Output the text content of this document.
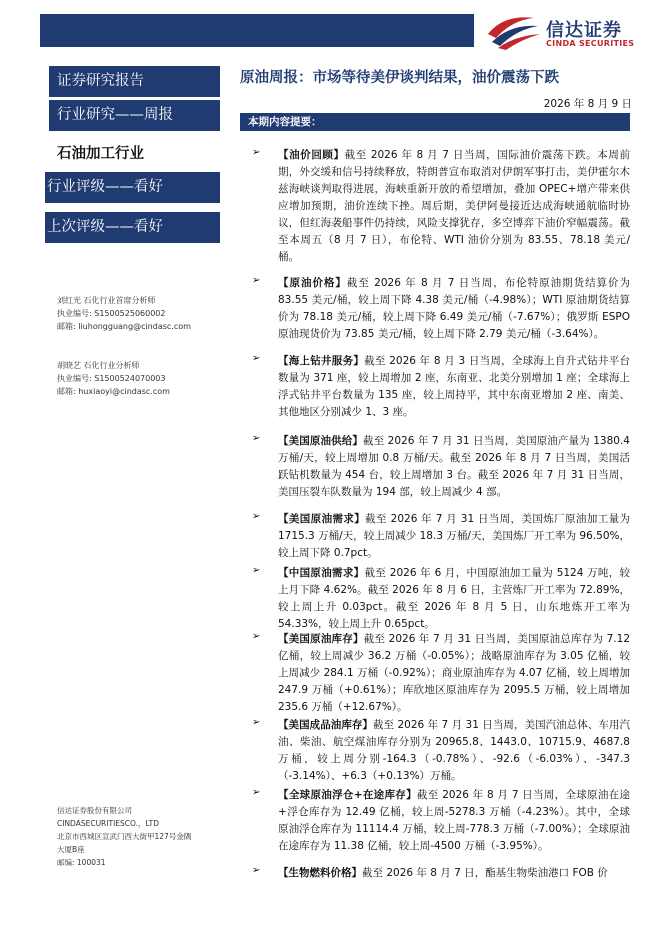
信达证券
CINDA SECURITIES
证券研究报告
行业研究——周报
石油加工行业
行业评级——看好
上次评级——看好
刘红光 石化行业首席分析师
执业编号: S1500525060002
邮箱: liuhongguang@cindasc.com
胡晓艺 石化行业分析师
执业编号: S1500524070003
邮箱: huxiaoyi@cindasc.com
信达证券股份有限公司
CINDASECURITIESCO.，LTD
北京市西城区宣武门西大街甲127号金隅
大厦B座
邮编: 100031
原油周报：市场等待美伊谈判结果，油价震荡下跌
2026 年 8 月 9 日
本期内容提要：
➢ 【油价回顾】截至 2026 年 8 月 7 日当周，国际油价震荡下跌。本周前期，外交缓和信号持续释放，特朗普宣布取消对伊朗军事打击，美伊霍尔木兹海峡谈判取得进展，海峡重新开放的希望增加，叠加 OPEC+增产带来供应增加预期，油价连续下挫。周后期，美伊阿曼接近达成海峡通航临时协议，但红海袭船事件仍持续，风险支撑犹存，多空博弈下油价窄幅震荡。截至本周五（8 月 7 日），布伦特、WTI 油价分别为 83.55、78.18 美元/桶。
➢ 【原油价格】截至 2026 年 8 月 7 日当周，布伦特原油期货结算价为 83.55 美元/桶，较上周下降 4.38 美元/桶（-4.98%）；WTI 原油期货结算价为 78.18 美元/桶，较上周下降 6.49 美元/桶（-7.67%）；俄罗斯 ESPO 原油现货价为 73.85 美元/桶，较上周下降 2.79 美元/桶（-3.64%）。
➢ 【海上钻井服务】截至 2026 年 8 月 3 日当周，全球海上自升式钻井平台数量为 371 座，较上周增加 2 座，东南亚、北美分别增加 1 座；全球海上浮式钻井平台数量为 135 座，较上周持平，其中东南亚增加 2 座、南美、其他地区分别减少 1、3 座。
➢ 【美国原油供给】截至 2026 年 7 月 31 日当周，美国原油产量为 1380.4 万桶/天，较上周增加 0.8 万桶/天。截至 2026 年 8 月 7 日当周，美国活跃钻机数量为 454 台，较上周增加 3 台。截至 2026 年 7 月 31 日当周，美国压裂车队数量为 194 部，较上周减少 4 部。
➢ 【美国原油需求】截至 2026 年 7 月 31 日当周，美国炼厂原油加工量为 1715.3 万桶/天，较上周减少 18.3 万桶/天，美国炼厂开工率为 96.50%，较上周下降 0.7pct。
➢ 【中国原油需求】截至 2026 年 6 月，中国原油加工量为 5124 万吨，较上月下降 4.62%。截至 2026 年 8 月 6 日，主营炼厂开工率为 72.89%，较上周上升 0.03pct。截至 2026 年 8 月 5 日，山东地炼开工率为 54.33%，较上周上升 0.65pct。
➢ 【美国原油库存】截至 2026 年 7 月 31 日当周，美国原油总库存为 7.12 亿桶，较上周减少 36.2 万桶（-0.05%）；战略原油库存为 3.05 亿桶，较上周减少 284.1 万桶（-0.92%）；商业原油库存为 4.07 亿桶，较上周增加 247.9 万桶（+0.61%）；库欣地区原油库存为 2095.5 万桶，较上周增加 235.6 万桶（+12.67%）。
➢ 【美国成品油库存】截至 2026 年 7 月 31 日当周，美国汽油总体、车用汽油、柴油、航空煤油库存分别为 20965.8、1443.0、10715.9、4687.8 万桶，较上周分别-164.3（-0.78%）、-92.6（-6.03%）、-347.3（-3.14%）、+6.3（+0.13%）万桶。
➢ 【全球原油浮仓+在途库存】截至 2026 年 8 月 7 日当周，全球原油在途+浮仓库存为 12.49 亿桶，较上周-5278.3 万桶（-4.23%）。其中，全球原油浮仓库存为 11114.4 万桶，较上周-778.3 万桶（-7.00%）；全球原油在途库存为 11.38 亿桶，较上周-4500 万桶（-3.95%）。
➢ 【生物燃料价格】截至 2026 年 8 月 7 日，酯基生物柴油港口 FOB 价
